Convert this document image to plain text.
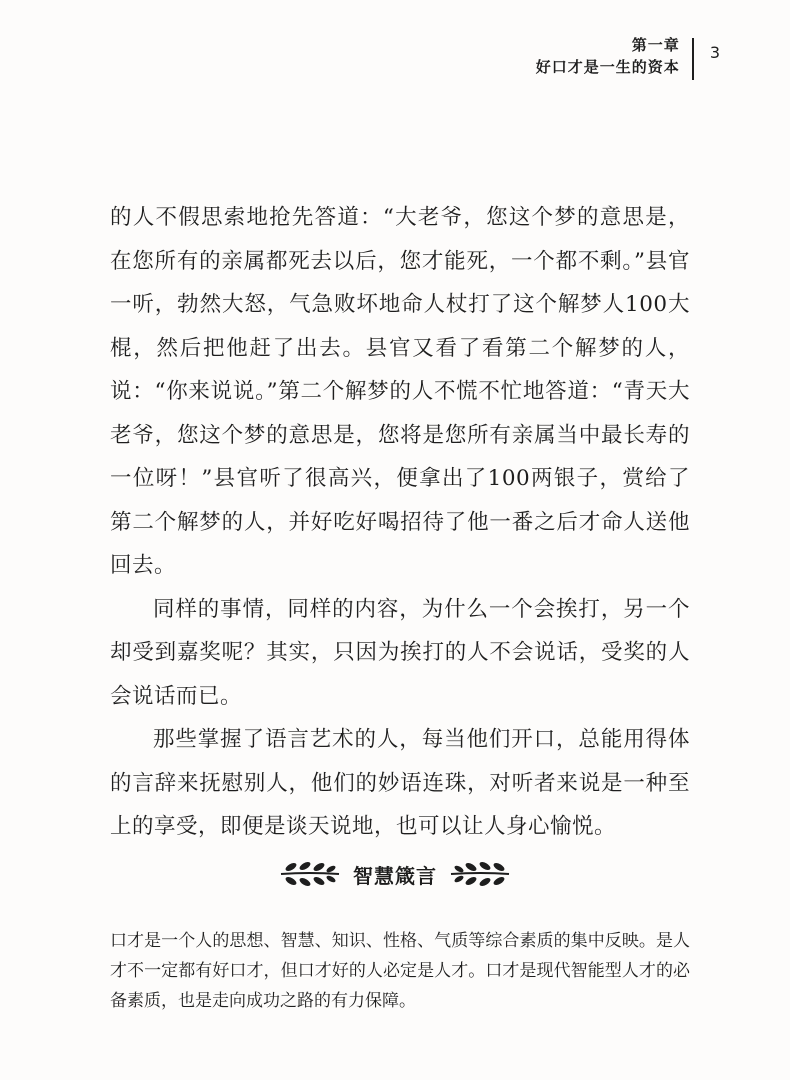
第一章
好口才是一生的资本
3

的人不假思索地抢先答道：“大老爷，您这个梦的意思是，在您所有的亲属都死去以后，您才能死，一个都不剩。”县官一听，勃然大怒，气急败坏地命人杖打了这个解梦人100大棍，然后把他赶了出去。县官又看了看第二个解梦的人，说：“你来说说。”第二个解梦的人不慌不忙地答道：“青天大老爷，您这个梦的意思是，您将是您所有亲属当中最长寿的一位呀！”县官听了很高兴，便拿出了100两银子，赏给了第二个解梦的人，并好吃好喝招待了他一番之后才命人送他回去。

同样的事情，同样的内容，为什么一个会挨打，另一个却受到嘉奖呢？其实，只因为挨打的人不会说话，受奖的人会说话而已。

那些掌握了语言艺术的人，每当他们开口，总能用得体的言辞来抚慰别人，他们的妙语连珠，对听者来说是一种至上的享受，即便是谈天说地，也可以让人身心愉悦。

智慧箴言

口才是一个人的思想、智慧、知识、性格、气质等综合素质的集中反映。是人才不一定都有好口才，但口才好的人必定是人才。口才是现代智能型人才的必备素质，也是走向成功之路的有力保障。
